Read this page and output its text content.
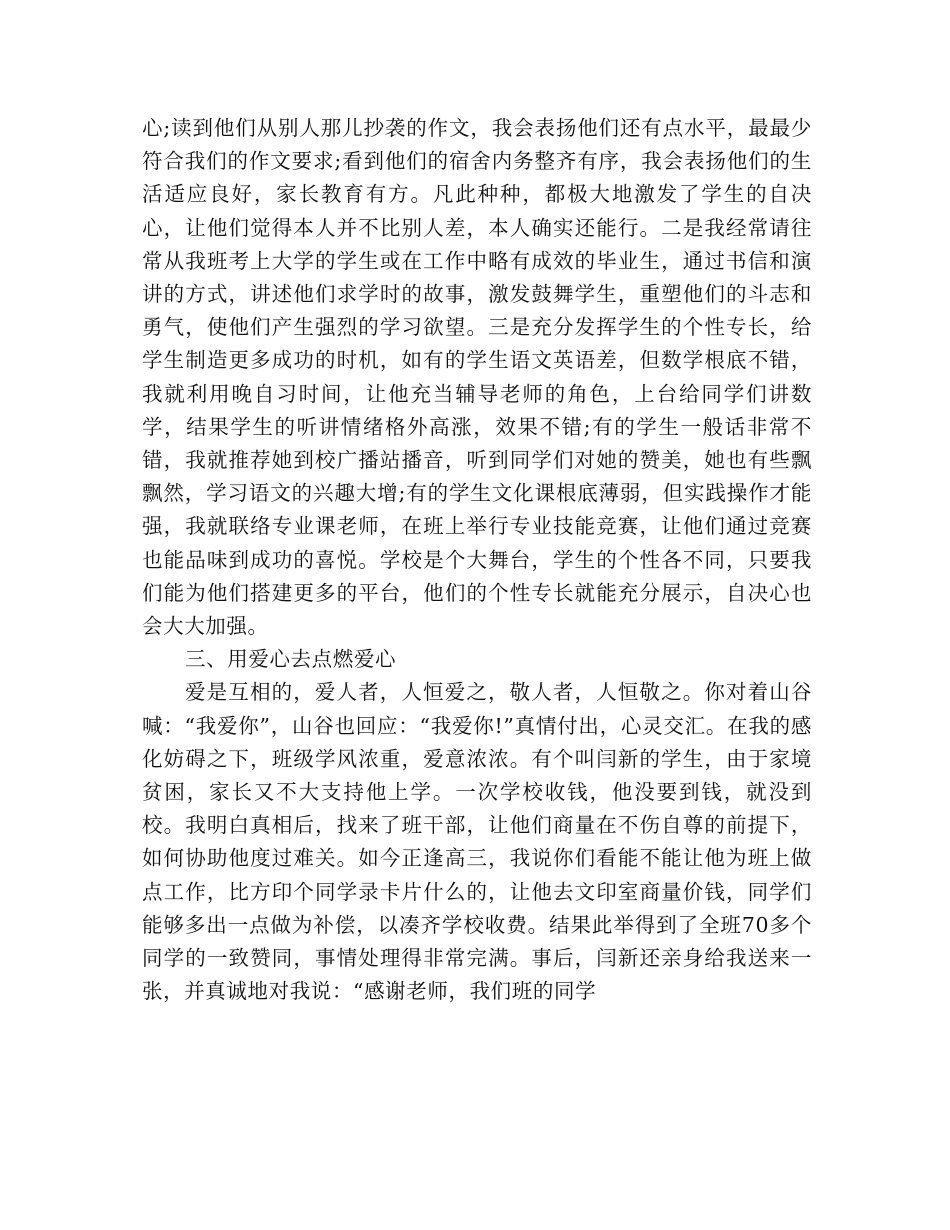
心;读到他们从别人那儿抄袭的作文，我会表扬他们还有点水平，最最少符合我们的作文要求;看到他们的宿舍内务整齐有序，我会表扬他们的生活适应良好，家长教育有方。凡此种种，都极大地激发了学生的自决心，让他们觉得本人并不比别人差，本人确实还能行。二是我经常请往常从我班考上大学的学生或在工作中略有成效的毕业生，通过书信和演讲的方式，讲述他们求学时的故事，激发鼓舞学生，重塑他们的斗志和勇气，使他们产生强烈的学习欲望。三是充分发挥学生的个性专长，给学生制造更多成功的时机，如有的学生语文英语差，但数学根底不错，我就利用晚自习时间，让他充当辅导老师的角色，上台给同学们讲数学，结果学生的听讲情绪格外高涨，效果不错;有的学生一般话非常不错，我就推荐她到校广播站播音，听到同学们对她的赞美，她也有些飘飘然，学习语文的兴趣大增;有的学生文化课根底薄弱，但实践操作才能强，我就联络专业课老师，在班上举行专业技能竞赛，让他们通过竞赛也能品味到成功的喜悦。学校是个大舞台，学生的个性各不同，只要我们能为他们搭建更多的平台，他们的个性专长就能充分展示，自决心也会大大加强。

三、用爱心去点燃爱心

爱是互相的，爱人者，人恒爱之，敬人者，人恒敬之。你对着山谷喊：“我爱你”，山谷也回应：“我爱你!”真情付出，心灵交汇。在我的感化妨碍之下，班级学风浓重，爱意浓浓。有个叫闫新的学生，由于家境贫困，家长又不大支持他上学。一次学校收钱，他没要到钱，就没到校。我明白真相后，找来了班干部，让他们商量在不伤自尊的前提下，如何协助他度过难关。如今正逢高三，我说你们看能不能让他为班上做点工作，比方印个同学录卡片什么的，让他去文印室商量价钱，同学们能够多出一点做为补偿，以凑齐学校收费。结果此举得到了全班70多个同学的一致赞同，事情处理得非常完满。事后，闫新还亲身给我送来一张，并真诚地对我说：“感谢老师，我们班的同学
